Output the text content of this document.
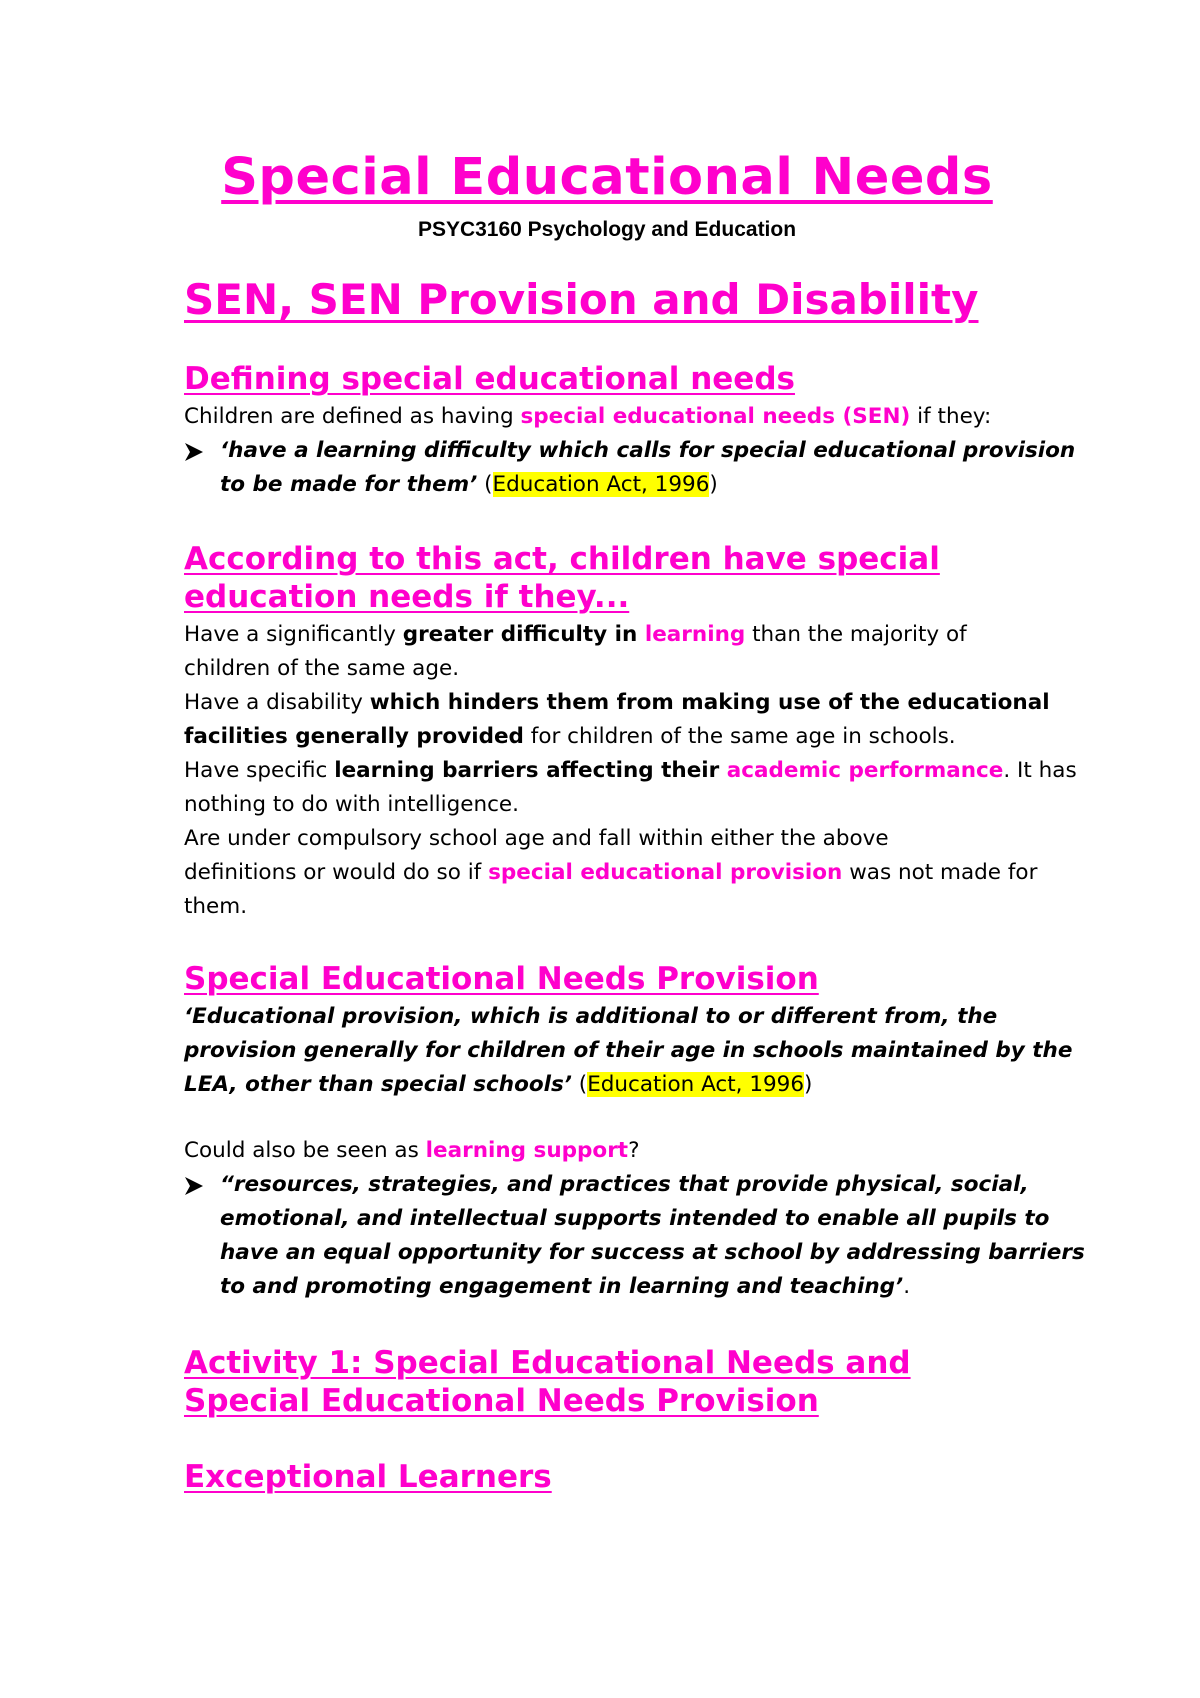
Special Educational Needs
PSYC3160 Psychology and Education
SEN, SEN Provision and Disability
Defining special educational needs
Children are defined as having special educational needs (SEN) if they:
‘have a learning difficulty which calls for special educational provision
to be made for them’ (Education Act, 1996)
According to this act, children have special
education needs if they...
Have a significantly greater difficulty in learning than the majority of
children of the same age.
Have a disability which hinders them from making use of the educational
facilities generally provided for children of the same age in schools.
Have specific learning barriers affecting their academic performance. It has
nothing to do with intelligence.
Are under compulsory school age and fall within either the above
definitions or would do so if special educational provision was not made for
them.
Special Educational Needs Provision
‘Educational provision, which is additional to or different from, the
provision generally for children of their age in schools maintained by the
LEA, other than special schools’ (Education Act, 1996)
Could also be seen as learning support?
“resources, strategies, and practices that provide physical, social,
emotional, and intellectual supports intended to enable all pupils to
have an equal opportunity for success at school by addressing barriers
to and promoting engagement in learning and teaching’.
Activity 1: Special Educational Needs and
Special Educational Needs Provision
Exceptional Learners
